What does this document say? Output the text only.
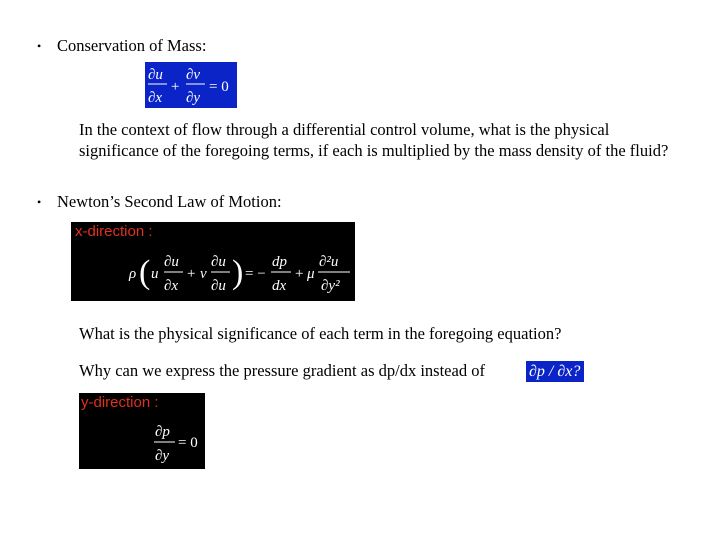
• Conservation of Mass:
∂u
∂x
+
∂v
∂y
= 0
In the context of flow through a differential control volume, what is the physical significance of the foregoing terms, if each is multiplied by the mass density of the fluid?
• Newton’s Second Law of Motion:
x-direction :
ρ ( u
∂u
∂x
+ v
∂u
∂u ) = −
dp
dx
+ μ
∂²u
∂y²
What is the physical significance of each term in the foregoing equation?
Why can we express the pressure gradient as dp/dx instead of	∂p / ∂x?
y-direction :
∂p
∂y
= 0
